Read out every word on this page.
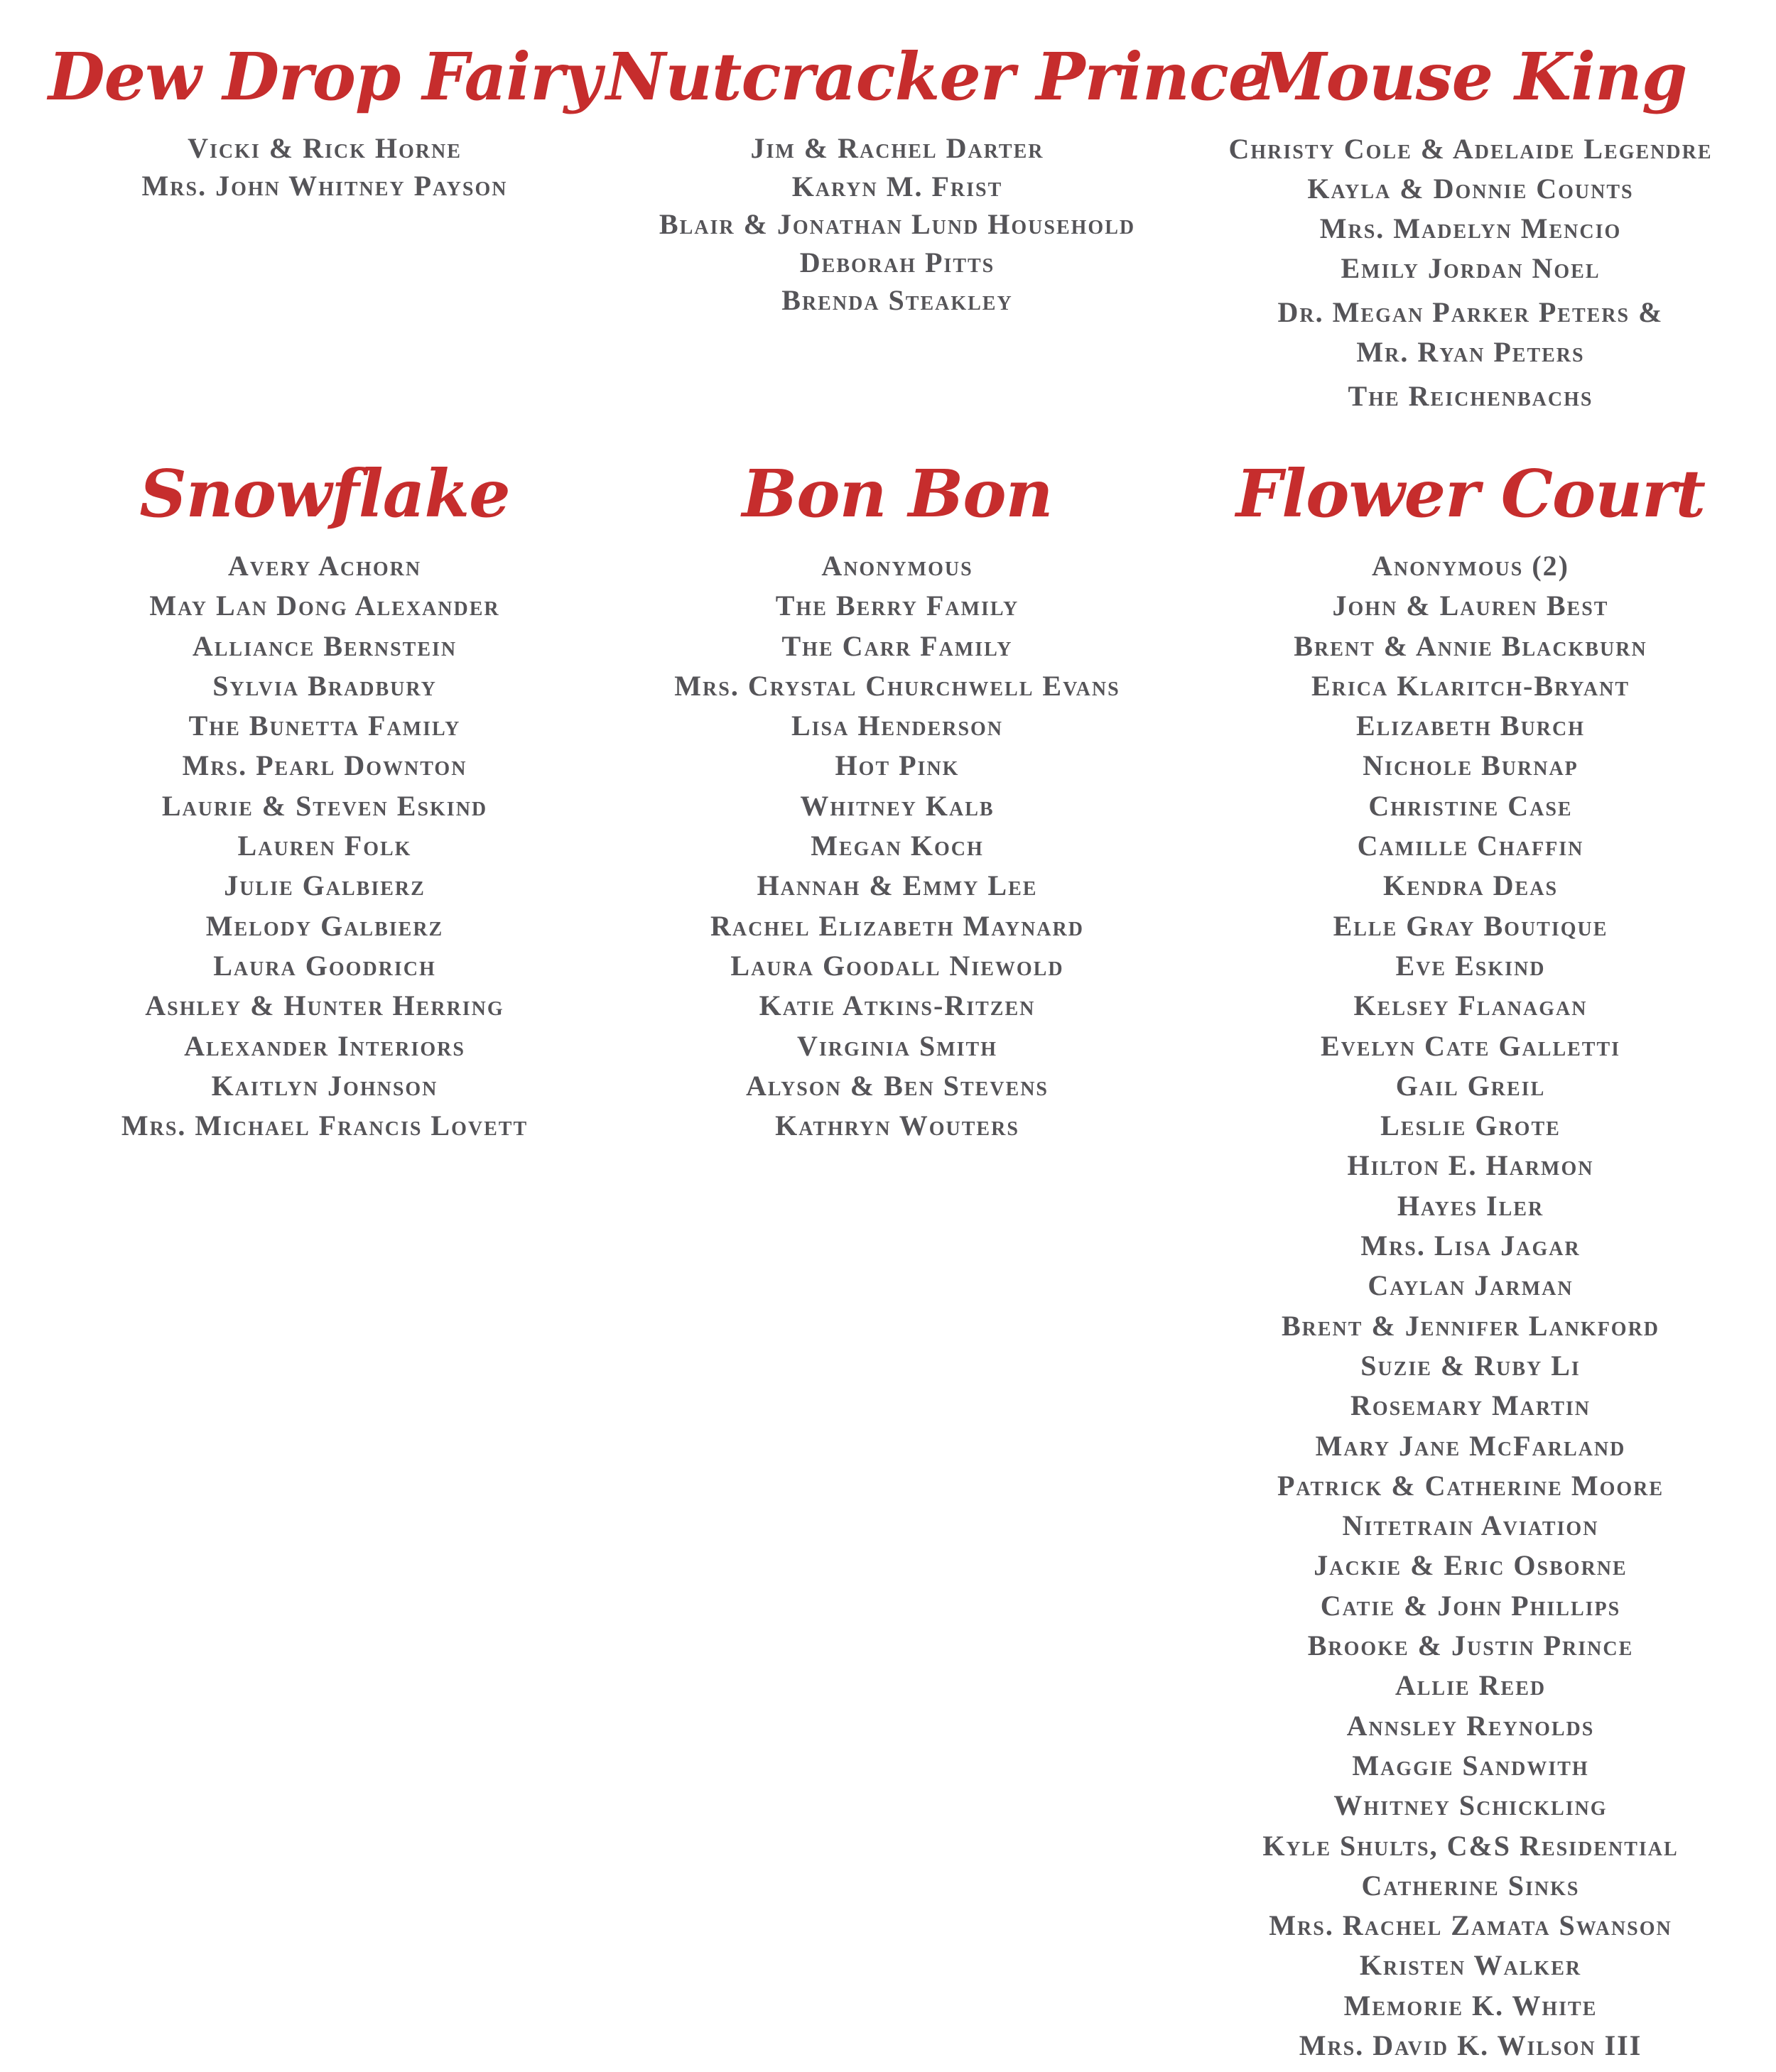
Dew Drop Fairy
Vicki & Rick Horne
Mrs. John Whitney Payson
Nutcracker Prince
Jim & Rachel Darter
Karyn M. Frist
Blair & Jonathan Lund Household
Deborah Pitts
Brenda Steakley
Mouse King
Christy Cole & Adelaide Legendre
Kayla & Donnie Counts
Mrs. Madelyn Mencio
Emily Jordan Noel
Dr. Megan Parker Peters & Mr. Ryan Peters
The Reichenbachs
Snowflake
Avery Achorn
May Lan Dong Alexander
Alliance Bernstein
Sylvia Bradbury
The Bunetta Family
Mrs. Pearl Downton
Laurie & Steven Eskind
Lauren Folk
Julie Galbierz
Melody Galbierz
Laura Goodrich
Ashley & Hunter Herring
Alexander Interiors
Kaitlyn Johnson
Mrs. Michael Francis Lovett
Bon Bon
Anonymous
The Berry Family
The Carr Family
Mrs. Crystal Churchwell Evans
Lisa Henderson
Hot Pink
Whitney Kalb
Megan Koch
Hannah & Emmy Lee
Rachel Elizabeth Maynard
Laura Goodall Niewold
Katie Atkins-Ritzen
Virginia Smith
Alyson & Ben Stevens
Kathryn Wouters
Flower Court
Anonymous (2)
John & Lauren Best
Brent & Annie Blackburn
Erica Klaritch-Bryant
Elizabeth Burch
Nichole Burnap
Christine Case
Camille Chaffin
Kendra Deas
Elle Gray Boutique
Eve Eskind
Kelsey Flanagan
Evelyn Cate Galletti
Gail Greil
Leslie Grote
Hilton E. Harmon
Hayes Iler
Mrs. Lisa Jagar
Caylan Jarman
Brent & Jennifer Lankford
Suzie & Ruby Li
Rosemary Martin
Mary Jane McFarland
Patrick & Catherine Moore
Nitetrain Aviation
Jackie & Eric Osborne
Catie & John Phillips
Brooke & Justin Prince
Allie Reed
Annsley Reynolds
Maggie Sandwith
Whitney Schickling
Kyle Shults, C&S Residential
Catherine Sinks
Mrs. Rachel Zamata Swanson
Kristen Walker
Memorie K. White
Mrs. David K. Wilson III
